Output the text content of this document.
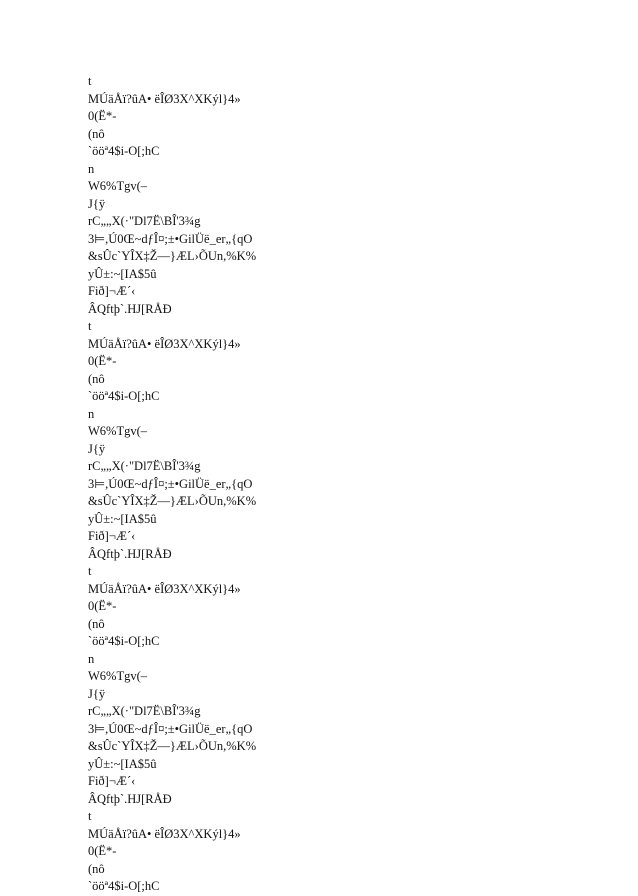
t
MÚäÅï?ûA• ëÎØ3X^XKýl}4»
0(Ë*-
(nô
`ööª4$i-O[;hC
n
W6%Tgv(–
J{ÿ
rC„„X(·"Dl7Ë\BÎ'3¾g
3⊨,Ú0Œ~dƒÎ¤;±•GilÜë_er„{qO
&sÛc`YÎX‡Ž—}ÆL›ÕUn,%K%
yÛ±:~[IA$5û
Fið]¬Æ´‹
ÂQftþ`.HJ[RÅÐ
t
MÚäÅï?ûA• ëÎØ3X^XKýl}4»
0(Ë*-
(nô
`ööª4$i-O[;hC
n
W6%Tgv(–
J{ÿ
rC„„X(·"Dl7Ë\BÎ'3¾g
3⊨,Ú0Œ~dƒÎ¤;±•GilÜë_er„{qO
&sÛc`YÎX‡Ž—}ÆL›ÕUn,%K%
yÛ±:~[IA$5û
Fið]¬Æ´‹
ÂQftþ`.HJ[RÅÐ
t
MÚäÅï?ûA• ëÎØ3X^XKýl}4»
0(Ë*-
(nô
`ööª4$i-O[;hC
n
W6%Tgv(–
J{ÿ
rC„„X(·"Dl7Ë\BÎ'3¾g
3⊨,Ú0Œ~dƒÎ¤;±•GilÜë_er„{qO
&sÛc`YÎX‡Ž—}ÆL›ÕUn,%K%
yÛ±:~[IA$5û
Fið]¬Æ´‹
ÂQftþ`.HJ[RÅÐ
t
MÚäÅï?ûA• ëÎØ3X^XKýl}4»
0(Ë*-
(nô
`ööª4$i-O[;hC
